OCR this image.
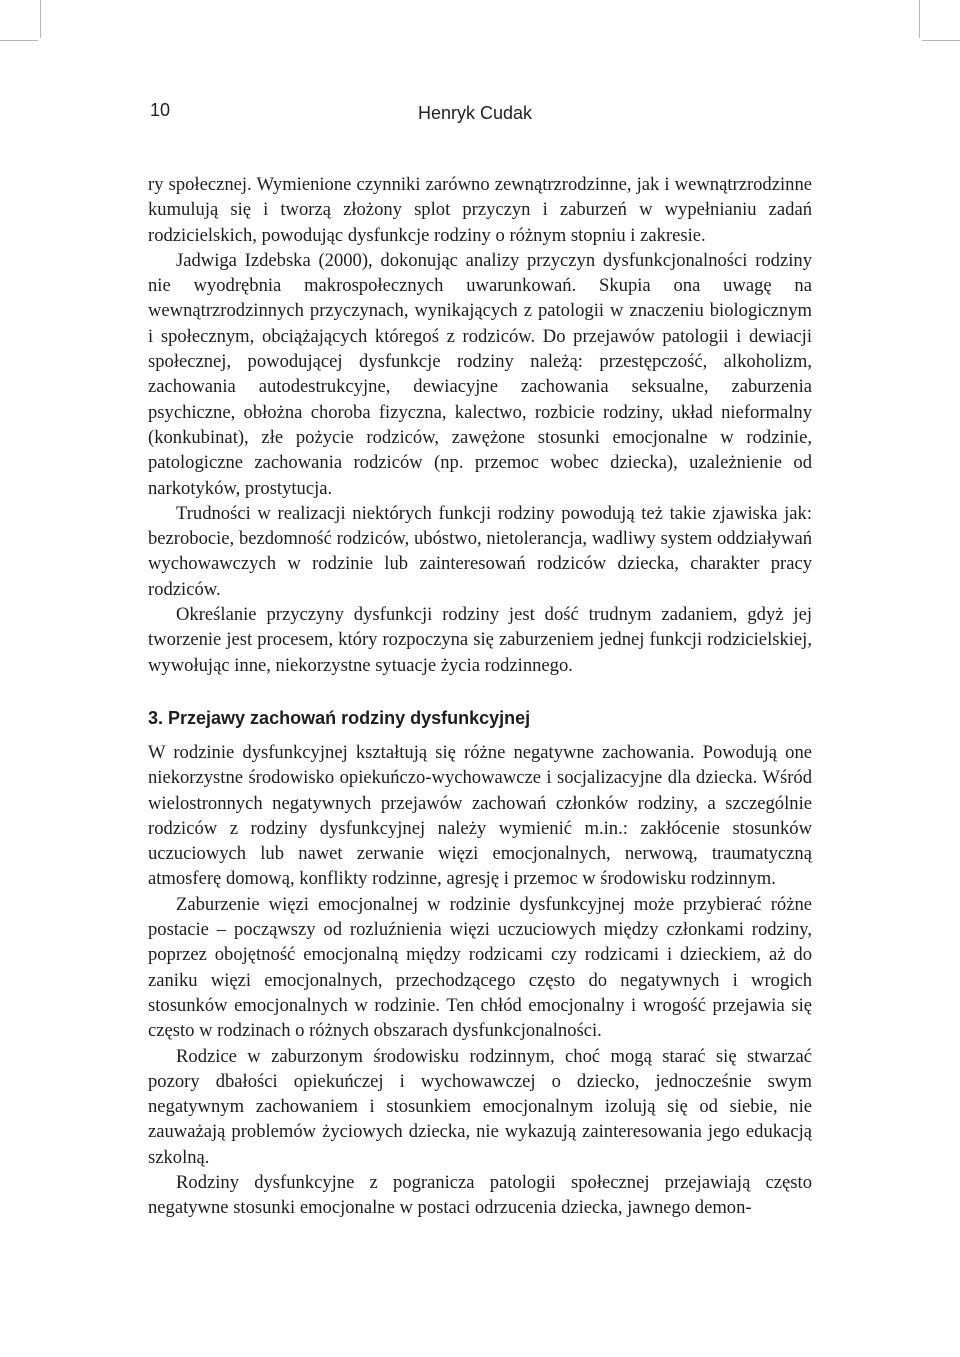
10	Henryk Cudak

ry społecznej. Wymienione czynniki zarówno zewnątrzrodzinne, jak i wewnątrzrodzinne kumulują się i tworzą złożony splot przyczyn i zaburzeń w wypełnianiu zadań rodzicielskich, powodując dysfunkcje rodziny o różnym stopniu i zakresie.

Jadwiga Izdebska (2000), dokonując analizy przyczyn dysfunkcjonalności rodziny nie wyodrębnia makrospołecznych uwarunkowań. Skupia ona uwagę na wewnątrzrodzinnych przyczynach, wynikających z patologii w znaczeniu biologicznym i społecznym, obciążających któregoś z rodziców. Do przejawów patologii i dewiacji społecznej, powodującej dysfunkcje rodziny należą: przestępczość, alkoholizm, zachowania autodestrukcyjne, dewiacyjne zachowania seksualne, zaburzenia psychiczne, obłożna choroba fizyczna, kalectwo, rozbicie rodziny, układ nieformalny (konkubinat), złe pożycie rodziców, zawężone stosunki emocjonalne w rodzinie, patologiczne zachowania rodziców (np. przemoc wobec dziecka), uzależnienie od narkotyków, prostytucja.

Trudności w realizacji niektórych funkcji rodziny powodują też takie zjawiska jak: bezrobocie, bezdomność rodziców, ubóstwo, nietolerancja, wadliwy system oddziaływań wychowawczych w rodzinie lub zainteresowań rodziców dziecka, charakter pracy rodziców.

Określanie przyczyny dysfunkcji rodziny jest dość trudnym zadaniem, gdyż jej tworzenie jest procesem, który rozpoczyna się zaburzeniem jednej funkcji rodzicielskiej, wywołując inne, niekorzystne sytuacje życia rodzinnego.

3. Przejawy zachowań rodziny dysfunkcyjnej

W rodzinie dysfunkcyjnej kształtują się różne negatywne zachowania. Powodują one niekorzystne środowisko opiekuńczo-wychowawcze i socjalizacyjne dla dziecka. Wśród wielostronnych negatywnych przejawów zachowań członków rodziny, a szczególnie rodziców z rodziny dysfunkcyjnej należy wymienić m.in.: zakłócenie stosunków uczuciowych lub nawet zerwanie więzi emocjonalnych, nerwową, traumatyczną atmosferę domową, konflikty rodzinne, agresję i przemoc w środowisku rodzinnym.

Zaburzenie więzi emocjonalnej w rodzinie dysfunkcyjnej może przybierać różne postacie – począwszy od rozluźnienia więzi uczuciowych między członkami rodziny, poprzez obojętność emocjonalną między rodzicami czy rodzicami i dzieckiem, aż do zaniku więzi emocjonalnych, przechodzącego często do negatywnych i wrogich stosunków emocjonalnych w rodzinie. Ten chłód emocjonalny i wrogość przejawia się często w rodzinach o różnych obszarach dysfunkcjonalności.

Rodzice w zaburzonym środowisku rodzinnym, choć mogą starać się stwarzać pozory dbałości opiekuńczej i wychowawczej o dziecko, jednocześnie swym negatywnym zachowaniem i stosunkiem emocjonalnym izolują się od siebie, nie zauważają problemów życiowych dziecka, nie wykazują zainteresowania jego edukacją szkolną.

Rodziny dysfunkcyjne z pogranicza patologii społecznej przejawiają często negatywne stosunki emocjonalne w postaci odrzucenia dziecka, jawnego demon-
